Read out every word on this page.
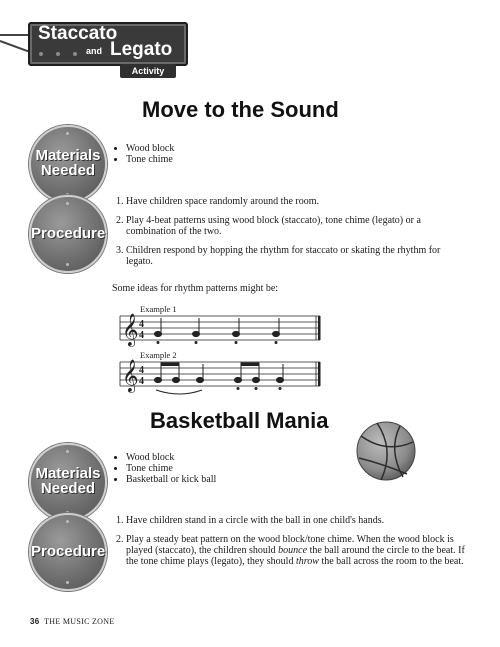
Staccato
and Legato
Activity
Move to the Sound
Materials
Needed
• Wood block
• Tone chime
Procedure
1. Have children space randomly around the room.
2. Play 4-beat patterns using wood block (staccato), tone chime (legato) or a combination of the two.
3. Children respond by hopping the rhythm for staccato or skating the rhythm for legato.

Some ideas for rhythm patterns might be:

Example 1
𝄞 4
4
Example 2
𝄞 4
4
Basketball Mania
Materials
Needed
• Wood block
• Tone chime
• Basketball or kick ball
Procedure
1. Have children stand in a circle with the ball in one child's hands.
2. Play a steady beat pattern on the wood block/tone chime. When the wood block is played (staccato), the children should bounce the ball around the circle to the beat. If the tone chime plays (legato), they should throw the ball across the room to the beat.
36 THE MUSIC ZONE
